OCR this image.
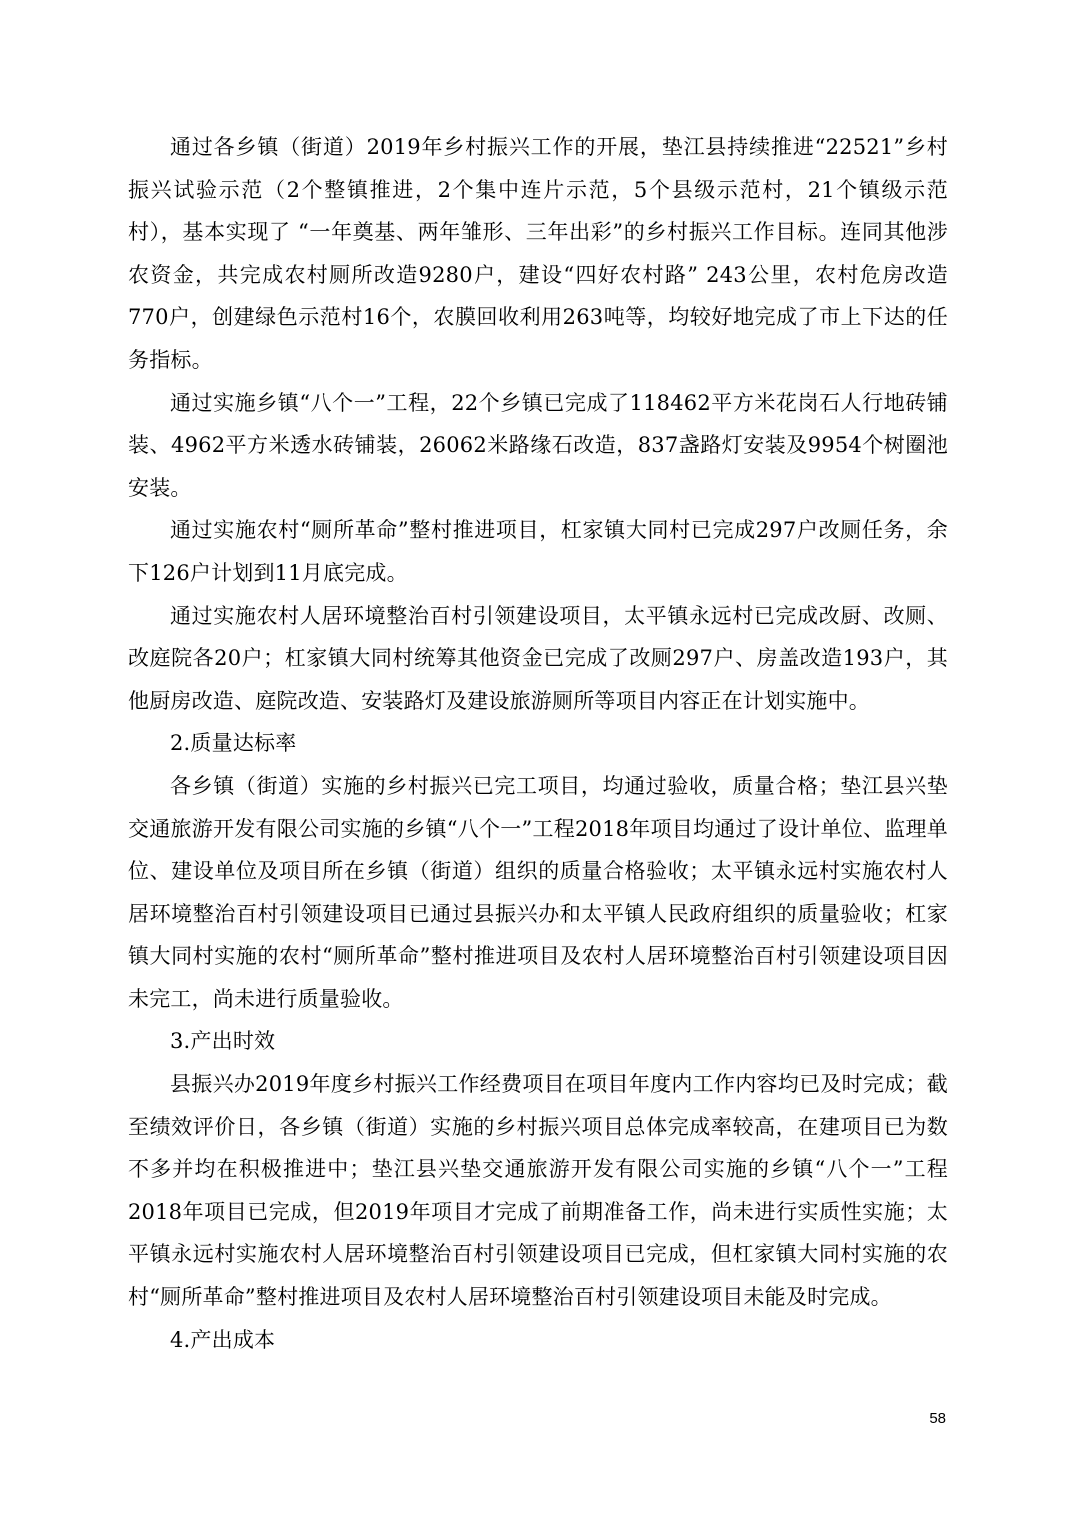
通过各乡镇（街道）2019年乡村振兴工作的开展，垫江县持续推进“22521”乡村振兴试验示范（2个整镇推进，2个集中连片示范，5个县级示范村，21个镇级示范村），基本实现了 “一年奠基、两年雏形、三年出彩”的乡村振兴工作目标。连同其他涉农资金，共完成农村厕所改造9280户，建设“四好农村路” 243公里，农村危房改造770户，创建绿色示范村16个，农膜回收利用263吨等，均较好地完成了市上下达的任务指标。

通过实施乡镇“八个一”工程，22个乡镇已完成了118462平方米花岗石人行地砖铺装、4962平方米透水砖铺装，26062米路缘石改造，837盏路灯安装及9954个树圈池安装。

通过实施农村“厕所革命”整村推进项目，杠家镇大同村已完成297户改厕任务，余下126户计划到11月底完成。

通过实施农村人居环境整治百村引领建设项目，太平镇永远村已完成改厨、改厕、改庭院各20户；杠家镇大同村统筹其他资金已完成了改厕297户、房盖改造193户，其他厨房改造、庭院改造、安装路灯及建设旅游厕所等项目内容正在计划实施中。

2.质量达标率

各乡镇（街道）实施的乡村振兴已完工项目，均通过验收，质量合格；垫江县兴垫交通旅游开发有限公司实施的乡镇“八个一”工程2018年项目均通过了设计单位、监理单位、建设单位及项目所在乡镇（街道）组织的质量合格验收；太平镇永远村实施农村人居环境整治百村引领建设项目已通过县振兴办和太平镇人民政府组织的质量验收；杠家镇大同村实施的农村“厕所革命”整村推进项目及农村人居环境整治百村引领建设项目因未完工，尚未进行质量验收。

3.产出时效

县振兴办2019年度乡村振兴工作经费项目在项目年度内工作内容均已及时完成；截至绩效评价日，各乡镇（街道）实施的乡村振兴项目总体完成率较高，在建项目已为数不多并均在积极推进中；垫江县兴垫交通旅游开发有限公司实施的乡镇“八个一”工程2018年项目已完成，但2019年项目才完成了前期准备工作，尚未进行实质性实施；太平镇永远村实施农村人居环境整治百村引领建设项目已完成，但杠家镇大同村实施的农村“厕所革命”整村推进项目及农村人居环境整治百村引领建设项目未能及时完成。

4.产出成本

58
